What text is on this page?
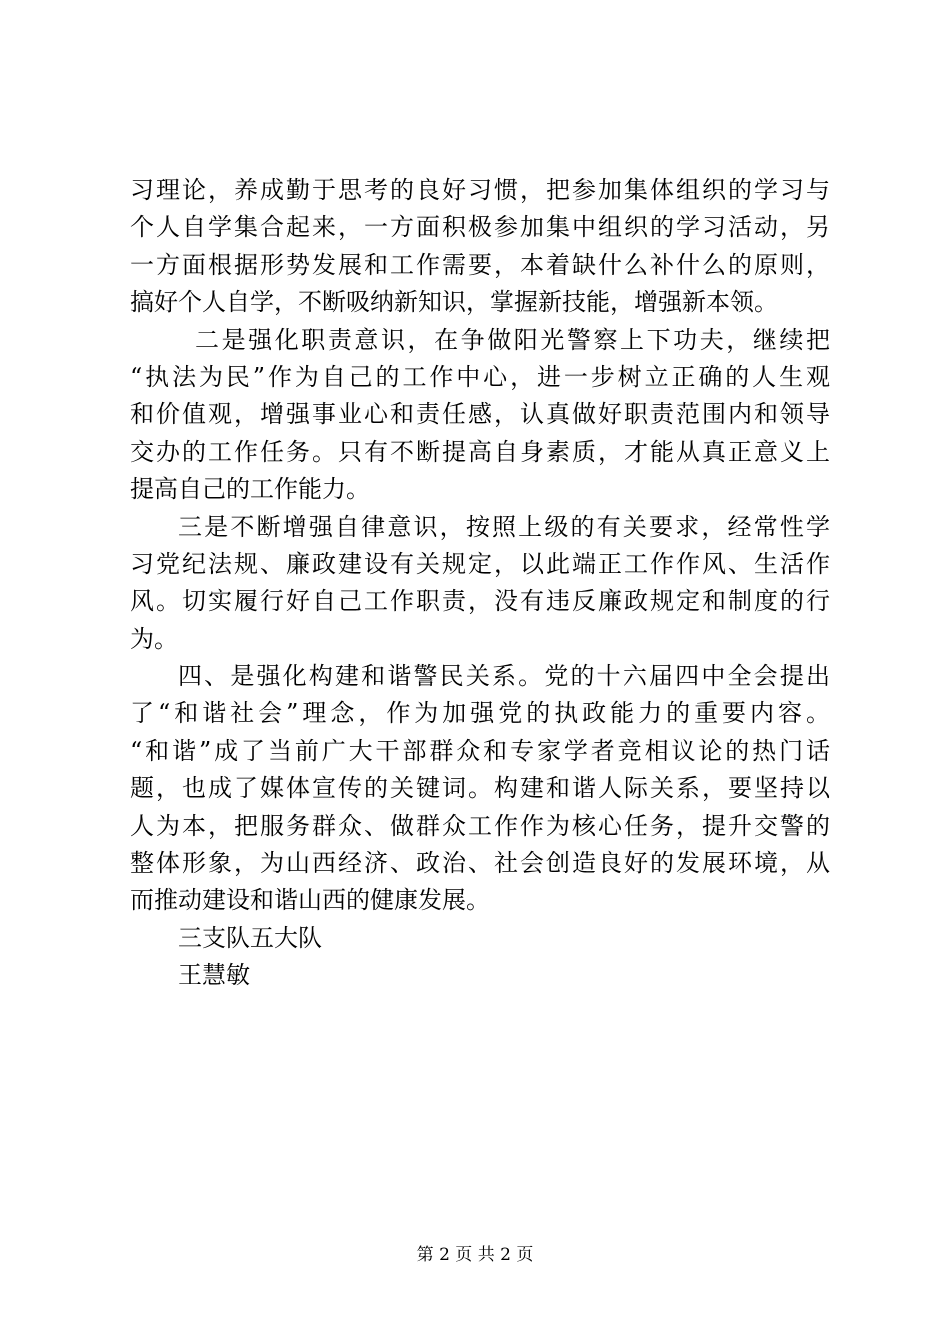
习理论，养成勤于思考的良好习惯，把参加集体组织的学习与
个人自学集合起来，一方面积极参加集中组织的学习活动，另
一方面根据形势发展和工作需要，本着缺什么补什么的原则，
搞好个人自学，不断吸纳新知识，掌握新技能，增强新本领。
二是强化职责意识，在争做阳光警察上下功夫，继续把
“执法为民”作为自己的工作中心，进一步树立正确的人生观
和价值观，增强事业心和责任感，认真做好职责范围内和领导
交办的工作任务。只有不断提高自身素质，才能从真正意义上
提高自己的工作能力。
三是不断增强自律意识，按照上级的有关要求，经常性学
习党纪法规、廉政建设有关规定，以此端正工作作风、生活作
风。切实履行好自己工作职责，没有违反廉政规定和制度的行
为。
四、是强化构建和谐警民关系。党的十六届四中全会提出
了“和谐社会”理念，作为加强党的执政能力的重要内容。
“和谐”成了当前广大干部群众和专家学者竞相议论的热门话
题，也成了媒体宣传的关键词。构建和谐人际关系，要坚持以
人为本，把服务群众、做群众工作作为核心任务，提升交警的
整体形象，为山西经济、政治、社会创造良好的发展环境，从
而推动建设和谐山西的健康发展。
三支队五大队
王慧敏
第 2 页 共 2 页
